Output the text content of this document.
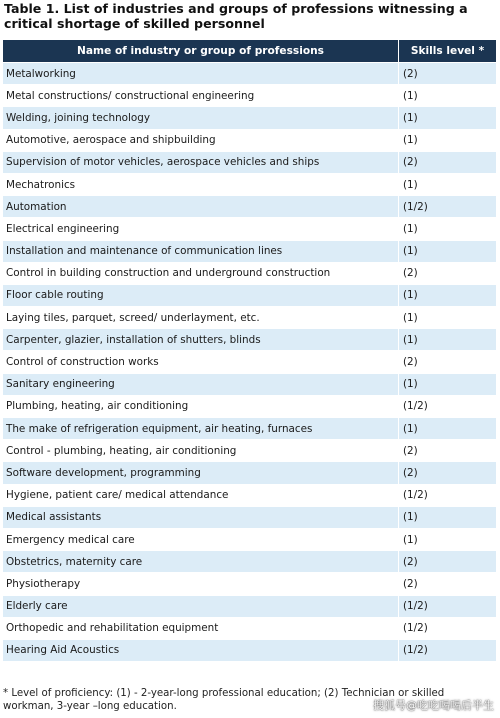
Table 1. List of industries and groups of professions witnessing a critical shortage of skilled personnel
Name of industry or group of professions	Skills level *
Metalworking	(2)
Metal constructions/ constructional engineering	(1)
Welding, joining technology	(1)
Automotive, aerospace and shipbuilding	(1)
Supervision of motor vehicles, aerospace vehicles and ships	(2)
Mechatronics	(1)
Automation	(1/2)
Electrical engineering	(1)
Installation and maintenance of communication lines	(1)
Control in building construction and underground construction	(2)
Floor cable routing	(1)
Laying tiles, parquet, screed/ underlayment, etc.	(1)
Carpenter, glazier, installation of shutters, blinds	(1)
Control of construction works	(2)
Sanitary engineering	(1)
Plumbing, heating, air conditioning	(1/2)
The make of refrigeration equipment, air heating, furnaces	(1)
Control - plumbing, heating, air conditioning	(2)
Software development, programming	(2)
Hygiene, patient care/ medical attendance	(1/2)
Medical assistants	(1)
Emergency medical care	(1)
Obstetrics, maternity care	(2)
Physiotherapy	(2)
Elderly care	(1/2)
Orthopedic and rehabilitation equipment	(1/2)
Hearing Aid Acoustics	(1/2)
* Level of proficiency: (1) - 2-year-long professional education; (2) Technician or skilled workman, 3-year –long education.	搜狐号@吃吃喝喝后半生
